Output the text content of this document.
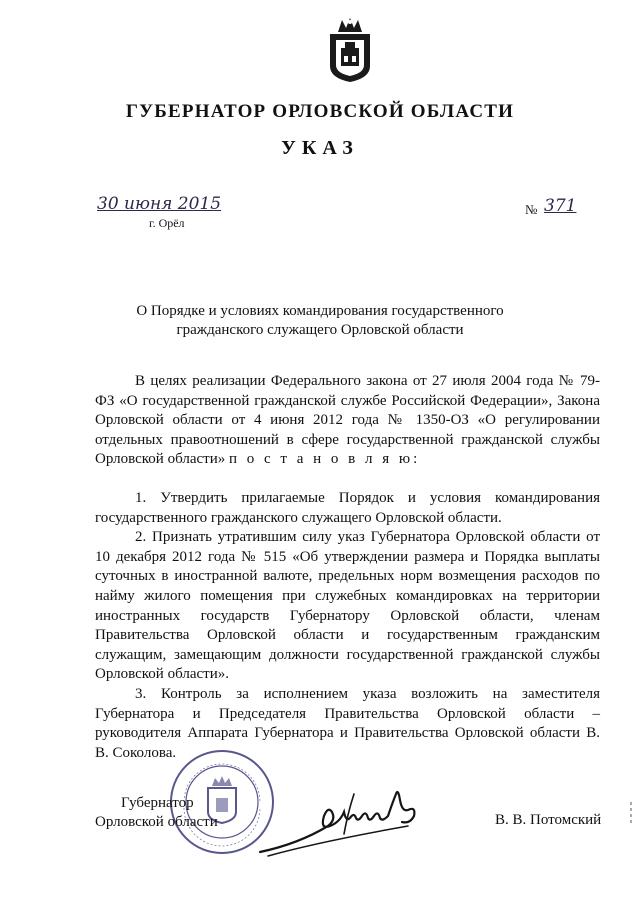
ГУБЕРНАТОР ОРЛОВСКОЙ ОБЛАСТИ
УКАЗ
30 июня 2015
г. Орёл
№ 371
О Порядке и условиях командирования государственного
гражданского служащего Орловской области

В целях реализации Федерального закона от 27 июля 2004 года № 79-ФЗ «О государственной гражданской службе Российской Федерации», Закона Орловской области от 4 июня 2012 года № 1350-ОЗ «О регулировании отдельных правоотношений в сфере государственной гражданской службы Орловской области» п о с т а н о в л я ю:

1. Утвердить прилагаемые Порядок и условия командирования государственного гражданского служащего Орловской области.

2. Признать утратившим силу указ Губернатора Орловской области от 10 декабря 2012 года № 515 «Об утверждении размера и Порядка выплаты суточных в иностранной валюте, предельных норм возмещения расходов по найму жилого помещения при служебных командировках на территории иностранных государств Губернатору Орловской области, членам Правительства Орловской области и государственным гражданским служащим, замещающим должности государственной гражданской службы Орловской области».

3. Контроль за исполнением указа возложить на заместителя Губернатора и Председателя Правительства Орловской области – руководителя Аппарата Губернатора и Правительства Орловской области В. В. Соколова.

Губернатор
Орловской области	В. В. Потомский
